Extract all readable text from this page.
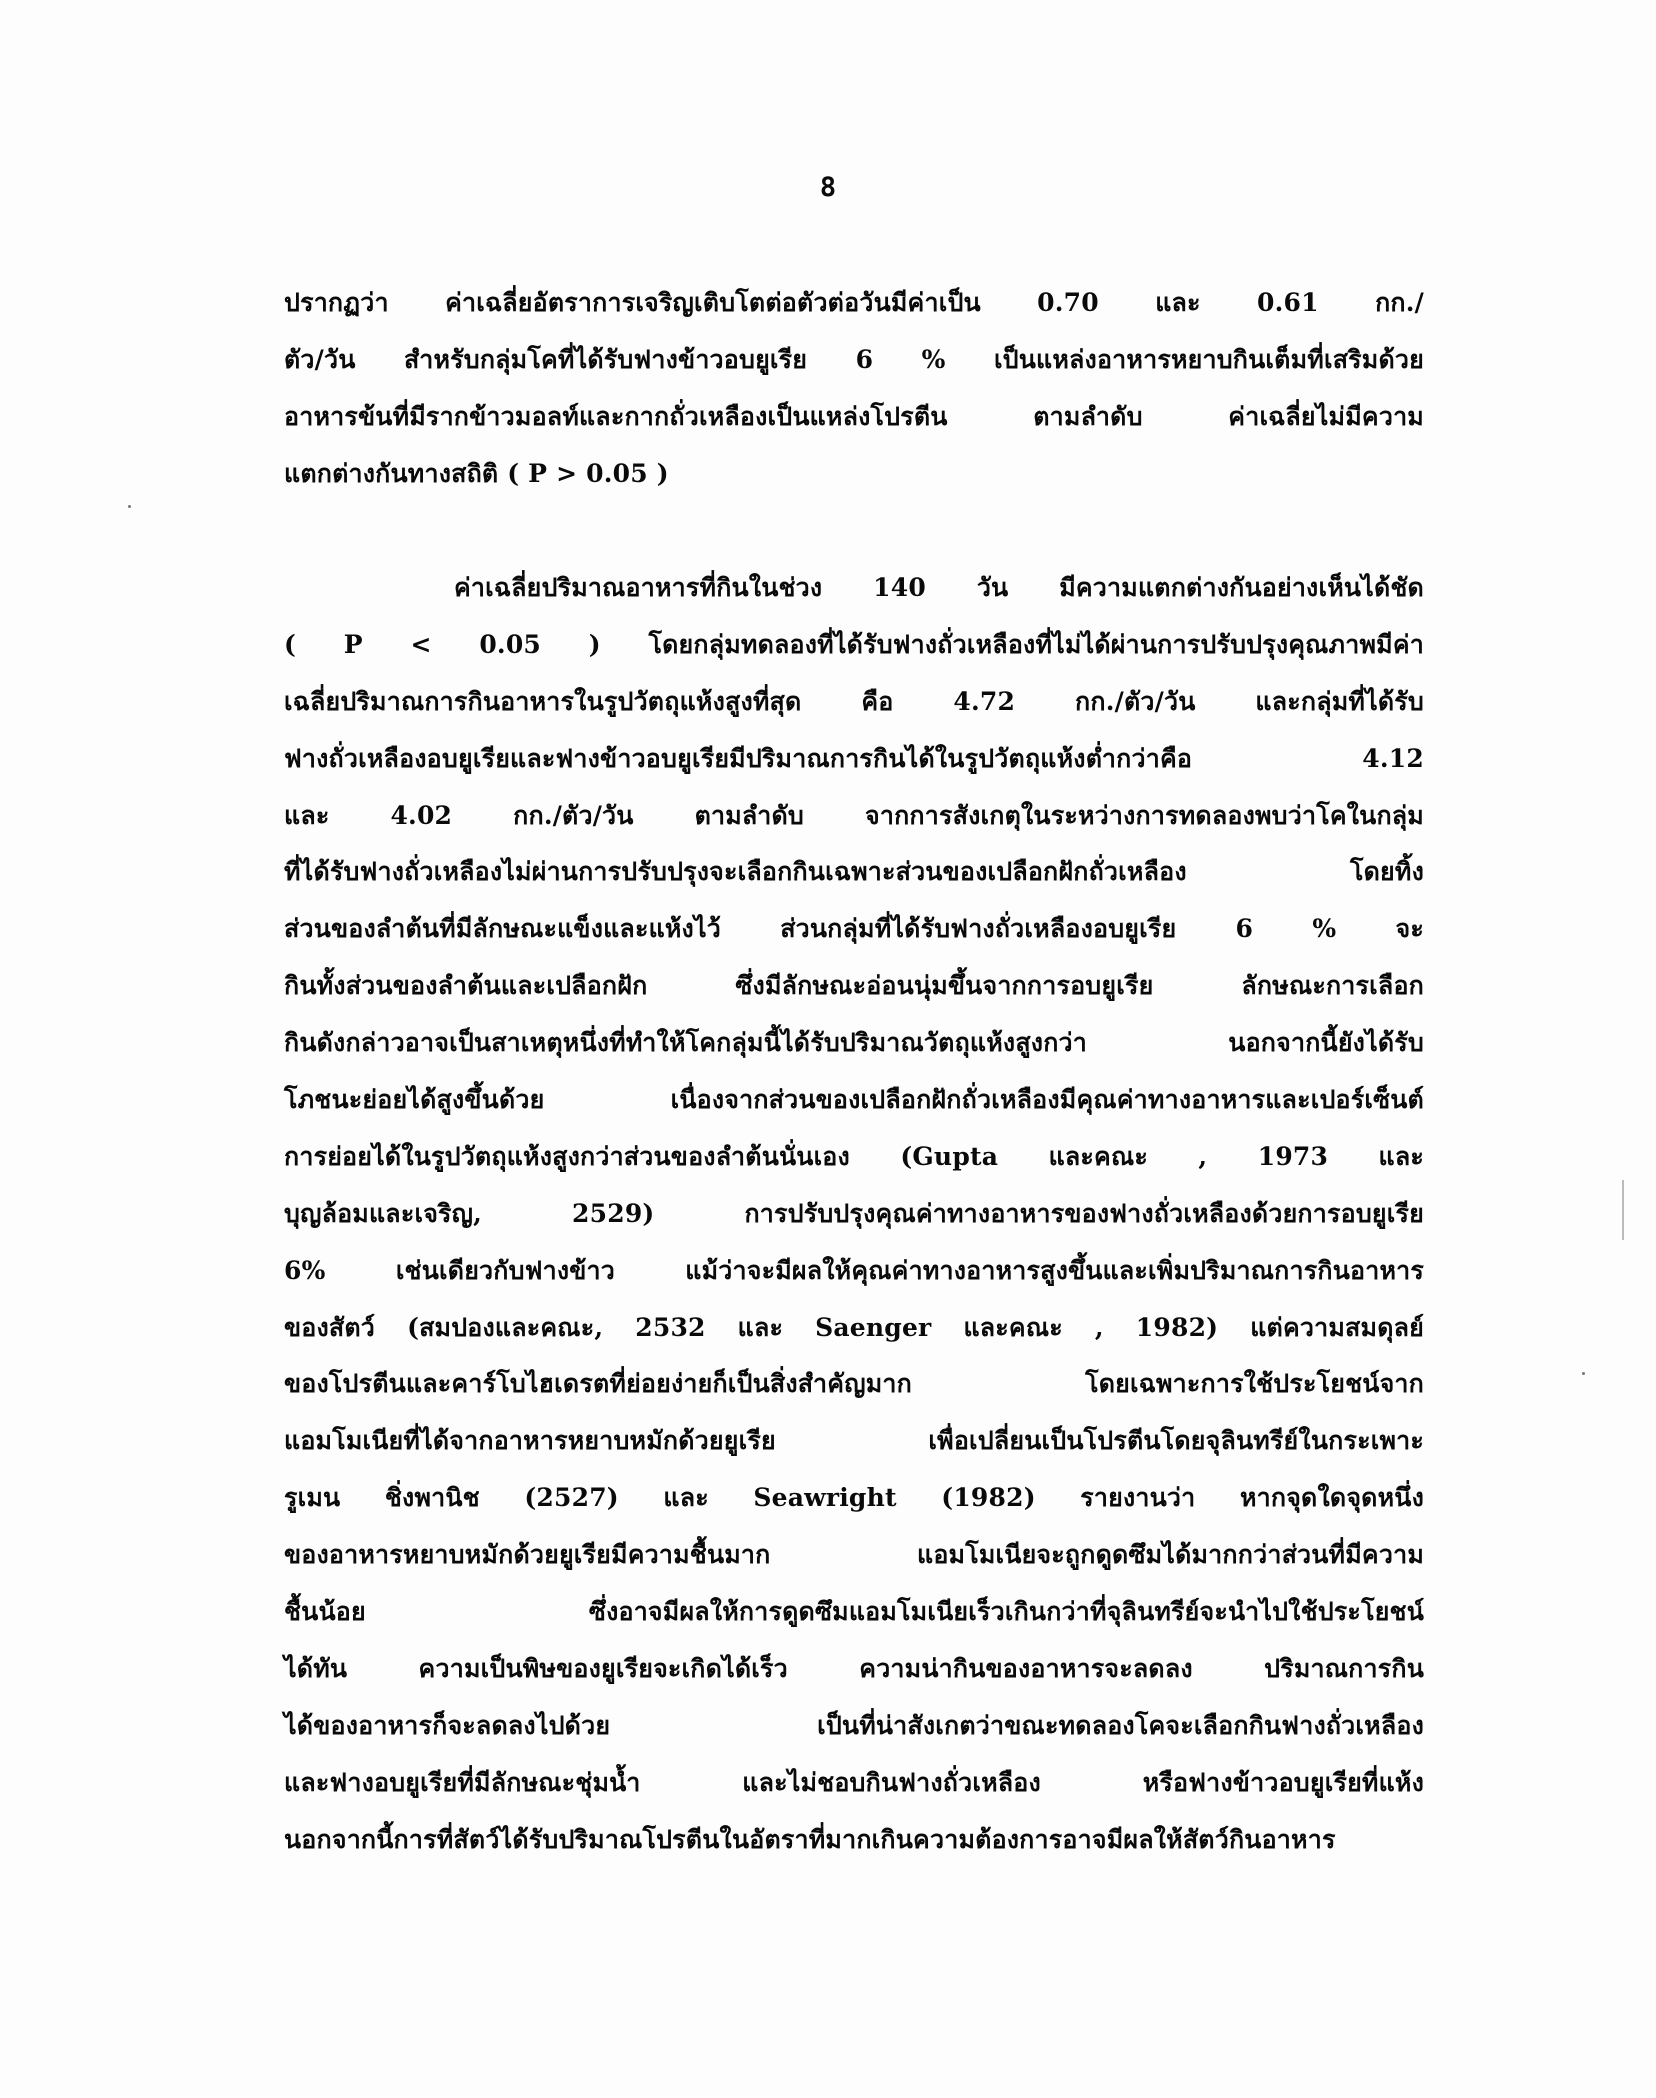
8
ปรากฏว่า ค่าเฉลี่ยอัตราการเจริญเติบโตต่อตัวต่อวันมีค่าเป็น 0.70 และ 0.61 กก./
ตัว/วัน สำหรับกลุ่มโคที่ได้รับฟางข้าวอบยูเรีย 6 % เป็นแหล่งอาหารหยาบกินเต็มที่เสริมด้วย
อาหารข้นที่มีรากข้าวมอลท์และกากถั่วเหลืองเป็นแหล่งโปรตีน ตามลำดับ ค่าเฉลี่ยไม่มีความ
แตกต่างกันทางสถิติ ( P > 0.05 )
ค่าเฉลี่ยปริมาณอาหารที่กินในช่วง 140 วัน มีความแตกต่างกันอย่างเห็นได้ชัด
( P < 0.05 ) โดยกลุ่มทดลองที่ได้รับฟางถั่วเหลืองที่ไม่ได้ผ่านการปรับปรุงคุณภาพมีค่า
เฉลี่ยปริมาณการกินอาหารในรูปวัตถุแห้งสูงที่สุด คือ 4.72 กก./ตัว/วัน และกลุ่มที่ได้รับ
ฟางถั่วเหลืองอบยูเรียและฟางข้าวอบยูเรียมีปริมาณการกินได้ในรูปวัตถุแห้งต่ำกว่าคือ 4.12
และ 4.02 กก./ตัว/วัน ตามลำดับ จากการสังเกตุในระหว่างการทดลองพบว่าโคในกลุ่ม
ที่ได้รับฟางถั่วเหลืองไม่ผ่านการปรับปรุงจะเลือกกินเฉพาะส่วนของเปลือกฝักถั่วเหลือง โดยทิ้ง
ส่วนของลำต้นที่มีลักษณะแข็งและแห้งไว้ ส่วนกลุ่มที่ได้รับฟางถั่วเหลืองอบยูเรีย 6 % จะ
กินทั้งส่วนของลำต้นและเปลือกฝัก ซึ่งมีลักษณะอ่อนนุ่มขึ้นจากการอบยูเรีย ลักษณะการเลือก
กินดังกล่าวอาจเป็นสาเหตุหนึ่งที่ทำให้โคกลุ่มนี้ได้รับปริมาณวัตถุแห้งสูงกว่า นอกจากนี้ยังได้รับ
โภชนะย่อยได้สูงขึ้นด้วย เนื่องจากส่วนของเปลือกฝักถั่วเหลืองมีคุณค่าทางอาหารและเปอร์เซ็นต์
การย่อยได้ในรูปวัตถุแห้งสูงกว่าส่วนของลำต้นนั่นเอง (Gupta และคณะ , 1973 และ
บุญล้อมและเจริญ, 2529) การปรับปรุงคุณค่าทางอาหารของฟางถั่วเหลืองด้วยการอบยูเรีย
6% เช่นเดียวกับฟางข้าว แม้ว่าจะมีผลให้คุณค่าทางอาหารสูงขึ้นและเพิ่มปริมาณการกินอาหาร
ของสัตว์ (สมปองและคณะ, 2532 และ Saenger และคณะ , 1982) แต่ความสมดุลย์
ของโปรตีนและคาร์โบไฮเดรตที่ย่อยง่ายก็เป็นสิ่งสำคัญมาก โดยเฉพาะการใช้ประโยชน์จาก
แอมโมเนียที่ได้จากอาหารหยาบหมักด้วยยูเรีย เพื่อเปลี่ยนเป็นโปรตีนโดยจุลินทรีย์ในกระเพาะ
รูเมน ชิ่งพานิช (2527) และ Seawright (1982) รายงานว่า หากจุดใดจุดหนึ่ง
ของอาหารหยาบหมักด้วยยูเรียมีความชื้นมาก แอมโมเนียจะถูกดูดซึมได้มากกว่าส่วนที่มีความ
ชื้นน้อย ซึ่งอาจมีผลให้การดูดซึมแอมโมเนียเร็วเกินกว่าที่จุลินทรีย์จะนำไปใช้ประโยชน์
ได้ทัน ความเป็นพิษของยูเรียจะเกิดได้เร็ว ความน่ากินของอาหารจะลดลง ปริมาณการกิน
ได้ของอาหารก็จะลดลงไปด้วย เป็นที่น่าสังเกตว่าขณะทดลองโคจะเลือกกินฟางถั่วเหลือง
และฟางอบยูเรียที่มีลักษณะชุ่มน้ำ และไม่ชอบกินฟางถั่วเหลือง หรือฟางข้าวอบยูเรียที่แห้ง
นอกจากนี้การที่สัตว์ได้รับปริมาณโปรตีนในอัตราที่มากเกินความต้องการอาจมีผลให้สัตว์กินอาหาร
